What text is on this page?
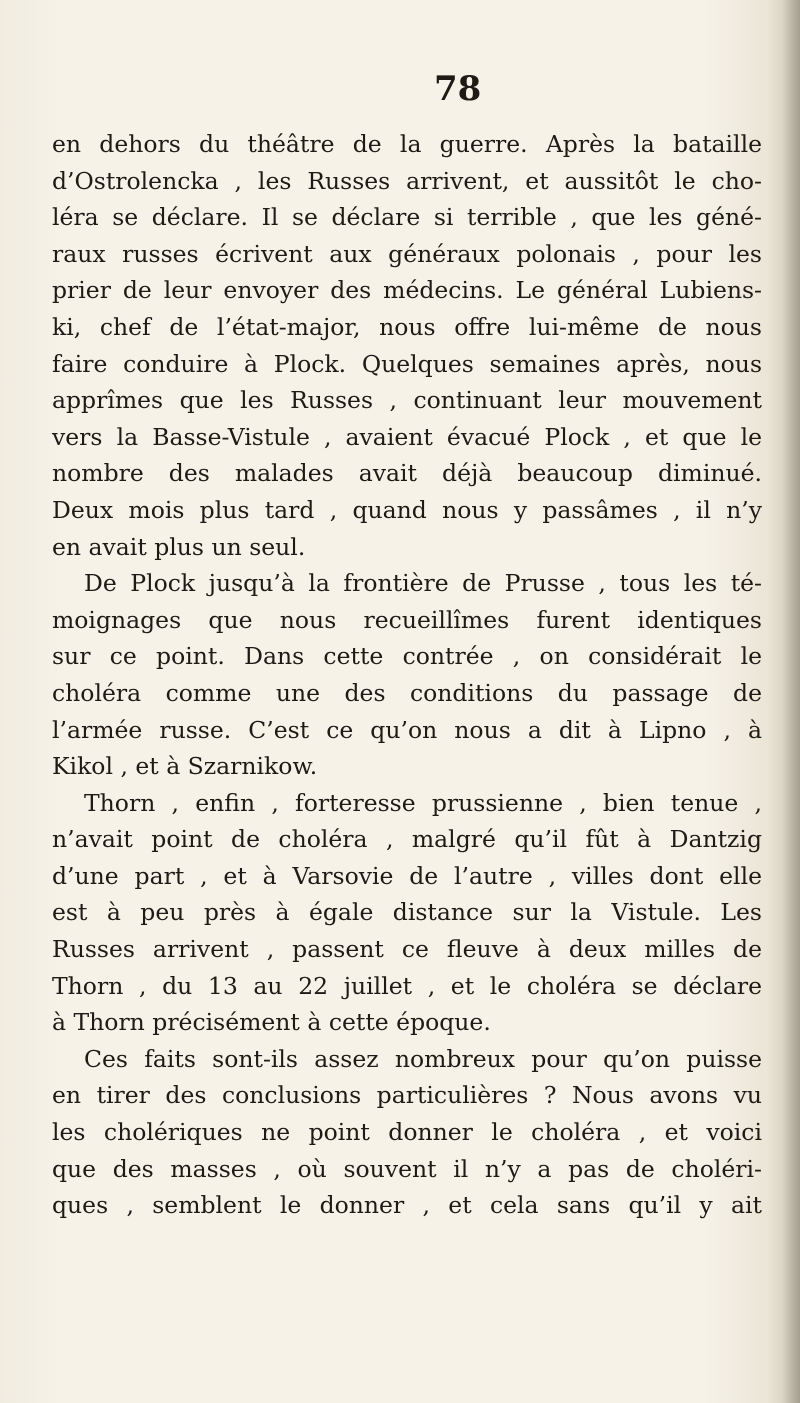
78
en dehors du théâtre de la guerre. Après la bataille
d’Ostrolencka , les Russes arrivent, et aussitôt le cho-
léra se déclare. Il se déclare si terrible , que les géné-
raux russes écrivent aux généraux polonais , pour les
prier de leur envoyer des médecins. Le général Lubiens-
ki, chef de l’état-major, nous offre lui-même de nous
faire conduire à Plock. Quelques semaines après, nous
apprîmes que les Russes , continuant leur mouvement
vers la Basse-Vistule , avaient évacué Plock , et que le
nombre des malades avait déjà beaucoup diminué.
Deux mois plus tard , quand nous y passâmes , il n’y
en avait plus un seul.
De Plock jusqu’à la frontière de Prusse , tous les té-
moignages que nous recueillîmes furent identiques
sur ce point. Dans cette contrée , on considérait le
choléra comme une des conditions du passage de
l’armée russe. C’est ce qu’on nous a dit à Lipno , à
Kikol , et à Szarnikow.
Thorn , enfin , forteresse prussienne , bien tenue ,
n’avait point de choléra , malgré qu’il fût à Dantzig
d’une part , et à Varsovie de l’autre , villes dont elle
est à peu près à égale distance sur la Vistule. Les
Russes arrivent , passent ce fleuve à deux milles de
Thorn , du 13 au 22 juillet , et le choléra se déclare
à Thorn précisément à cette époque.
Ces faits sont-ils assez nombreux pour qu’on puisse
en tirer des conclusions particulières ? Nous avons vu
les cholériques ne point donner le choléra , et voici
que des masses , où souvent il n’y a pas de choléri-
ques , semblent le donner , et cela sans qu’il y ait
